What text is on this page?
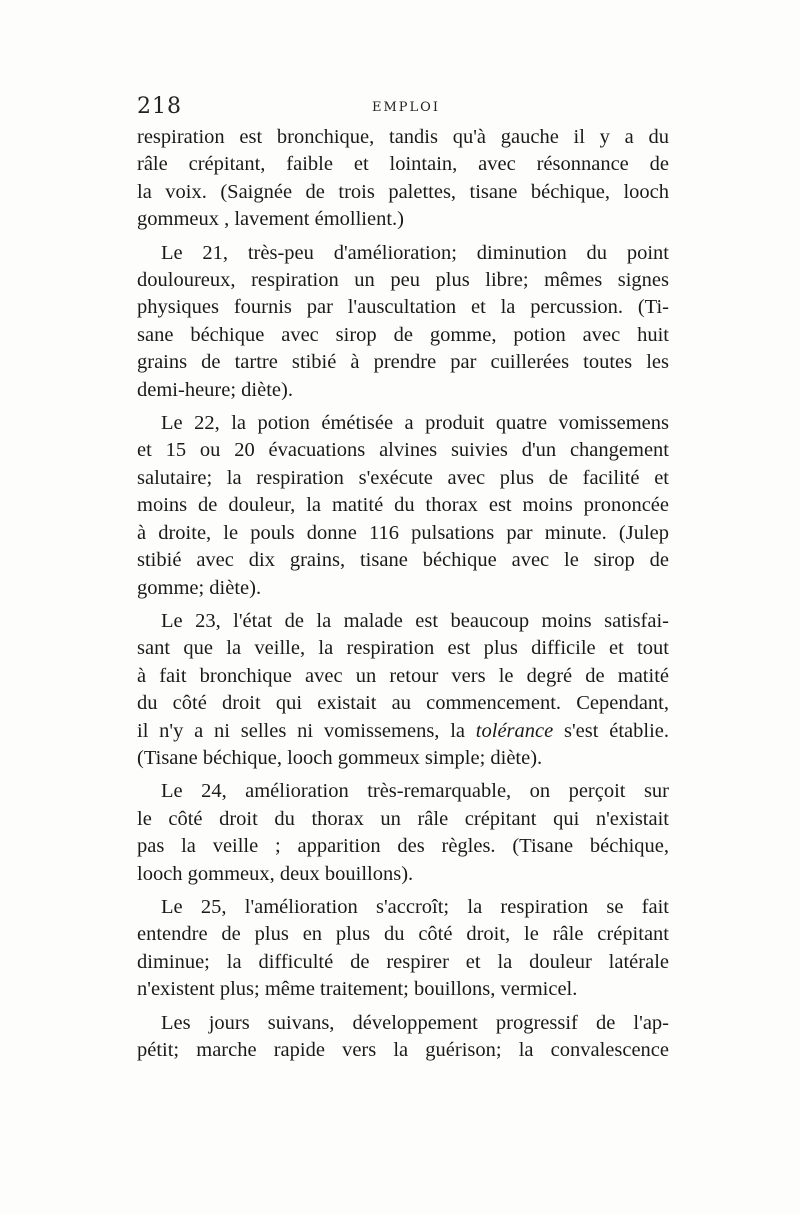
218	EMPLOI
respiration est bronchique, tandis qu'à gauche il y a du
râle crépitant, faible et lointain, avec résonnance de
la voix. (Saignée de trois palettes, tisane béchique, looch
gommeux , lavement émollient.)
Le 21, très-peu d'amélioration; diminution du point
douloureux, respiration un peu plus libre; mêmes signes
physiques fournis par l'auscultation et la percussion. (Ti-
sane béchique avec sirop de gomme, potion avec huit
grains de tartre stibié à prendre par cuillerées toutes les
demi-heure; diète).
Le 22, la potion émétisée a produit quatre vomissemens
et 15 ou 20 évacuations alvines suivies d'un changement
salutaire; la respiration s'exécute avec plus de facilité et
moins de douleur, la matité du thorax est moins prononcée
à droite, le pouls donne 116 pulsations par minute. (Julep
stibié avec dix grains, tisane béchique avec le sirop de
gomme; diète).
Le 23, l'état de la malade est beaucoup moins satisfai-
sant que la veille, la respiration est plus difficile et tout
à fait bronchique avec un retour vers le degré de matité
du côté droit qui existait au commencement. Cependant,
il n'y a ni selles ni vomissemens, la tolérance s'est établie.
(Tisane béchique, looch gommeux simple; diète).
Le 24, amélioration très-remarquable, on perçoit sur
le côté droit du thorax un râle crépitant qui n'existait
pas la veille ; apparition des règles. (Tisane béchique,
looch gommeux, deux bouillons).
Le 25, l'amélioration s'accroît; la respiration se fait
entendre de plus en plus du côté droit, le râle crépitant
diminue; la difficulté de respirer et la douleur latérale
n'existent plus; même traitement; bouillons, vermicel.
Les jours suivans, développement progressif de l'ap-
pétit; marche rapide vers la guérison; la convalescence
